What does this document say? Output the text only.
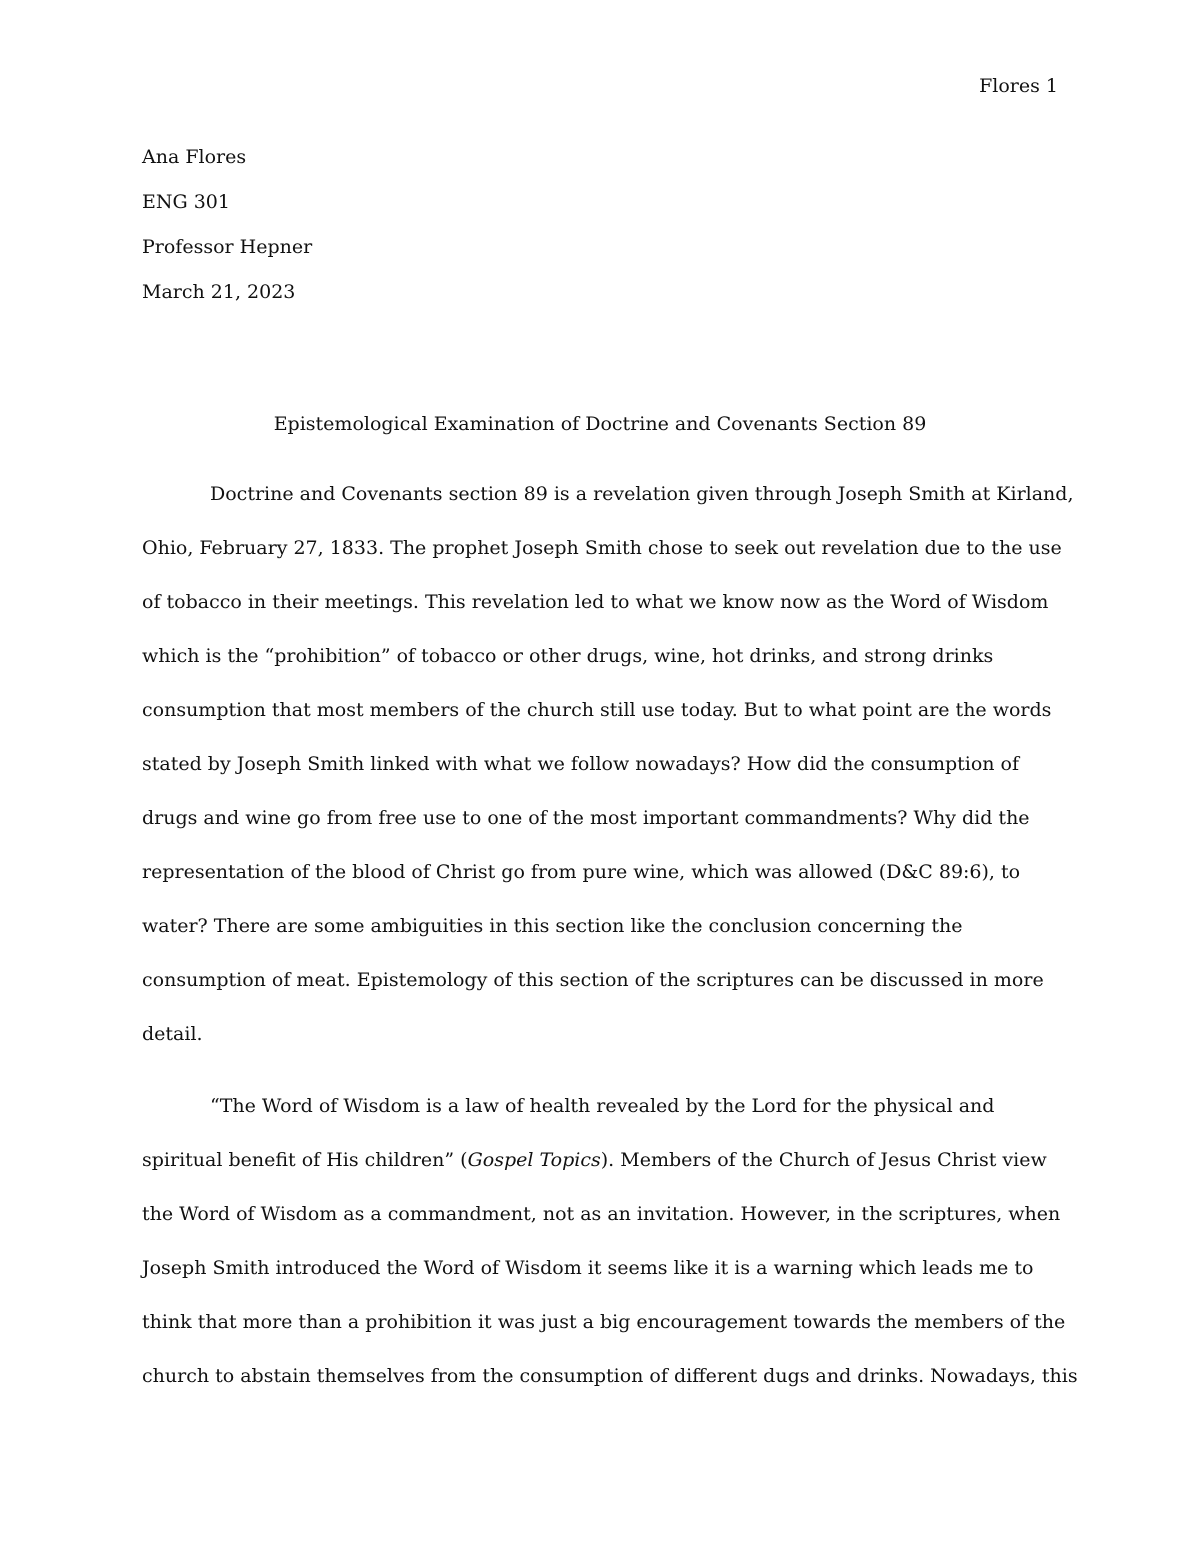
Flores 1
Ana Flores
ENG 301
Professor Hepner
March 21, 2023
Epistemological Examination of Doctrine and Covenants Section 89
Doctrine and Covenants section 89 is a revelation given through Joseph Smith at Kirland,
Ohio, February 27, 1833. The prophet Joseph Smith chose to seek out revelation due to the use
of tobacco in their meetings. This revelation led to what we know now as the Word of Wisdom
which is the “prohibition” of tobacco or other drugs, wine, hot drinks, and strong drinks
consumption that most members of the church still use today. But to what point are the words
stated by Joseph Smith linked with what we follow nowadays? How did the consumption of
drugs and wine go from free use to one of the most important commandments? Why did the
representation of the blood of Christ go from pure wine, which was allowed (D&C 89:6), to
water? There are some ambiguities in this section like the conclusion concerning the
consumption of meat. Epistemology of this section of the scriptures can be discussed in more
detail.
“The Word of Wisdom is a law of health revealed by the Lord for the physical and
spiritual benefit of His children” (Gospel Topics). Members of the Church of Jesus Christ view
the Word of Wisdom as a commandment, not as an invitation. However, in the scriptures, when
Joseph Smith introduced the Word of Wisdom it seems like it is a warning which leads me to
think that more than a prohibition it was just a big encouragement towards the members of the
church to abstain themselves from the consumption of different dugs and drinks. Nowadays, this
